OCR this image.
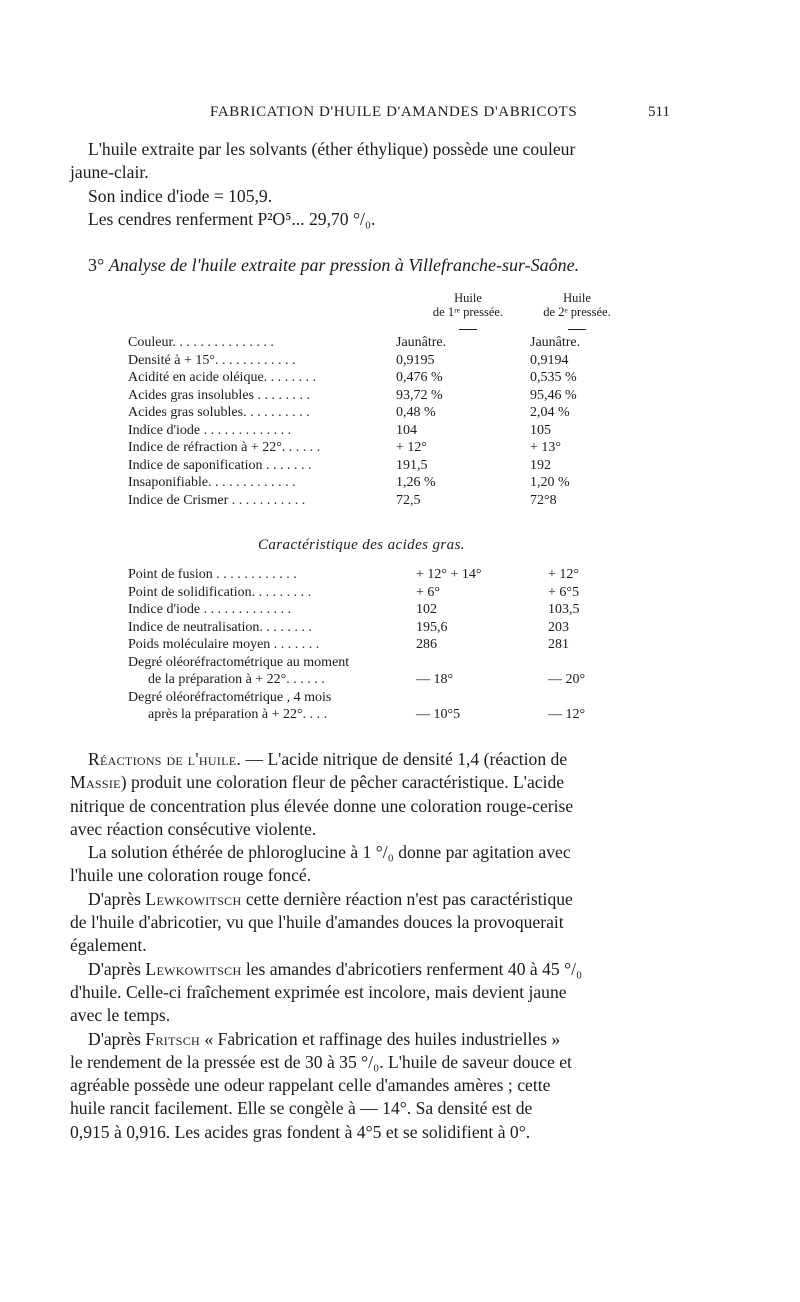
FABRICATION D'HUILE D'AMANDES D'ABRICOTS	511
L'huile extraite par les solvants (éther éthylique) possède une couleur
jaune-clair.
Son indice d'iode = 105,9.
Les cendres renferment P²O⁵... 29,70 °/₀.
3° Analyse de l'huile extraite par pression à Villefranche-sur-Saône.
Huile
de 1ʳᵉ pressée.
Huile
de 2ᵉ pressée.
Couleur. . . . . . . . . . . . . . .	Jaunâtre.	Jaunâtre.
Densité à + 15°. . . . . . . . . . . .	0,9195	0,9194
Acidité en acide oléique. . . . . . . .	0,476 %	0,535 %
Acides gras insolubles . . . . . . . .	93,72 %	95,46 %
Acides gras solubles. . . . . . . . . .	0,48 %	2,04 %
Indice d'iode . . . . . . . . . . . . .	104	105
Indice de réfraction à + 22°. . . . . .	+ 12°	+ 13°
Indice de saponification . . . . . . .	191,5	192
Insaponifiable. . . . . . . . . . . . .	1,26 %	1,20 %
Indice de Crismer . . . . . . . . . . .	72,5	72°8
Caractéristique des acides gras.
Point de fusion . . . . . . . . . . . .	+ 12° + 14°	+ 12°
Point de solidification. . . . . . . . .	+ 6°	+ 6°5
Indice d'iode . . . . . . . . . . . . .	102	103,5
Indice de neutralisation. . . . . . . .	195,6	203
Poids moléculaire moyen . . . . . . .	286	281
Degré oléoréfractométrique au moment
de la préparation à + 22°. . . . . .	— 18°	— 20°
Degré oléoréfractométrique , 4 mois
après la préparation à + 22°. . . .	— 10°5	— 12°
Réactions de l'huile. — L'acide nitrique de densité 1,4 (réaction de
Massie) produit une coloration fleur de pêcher caractéristique. L'acide
nitrique de concentration plus élevée donne une coloration rouge-cerise
avec réaction consécutive violente.
La solution éthérée de phloroglucine à 1 °/₀ donne par agitation avec
l'huile une coloration rouge foncé.
D'après Lewkowitsch cette dernière réaction n'est pas caractéristique
de l'huile d'abricotier, vu que l'huile d'amandes douces la provoquerait
également.
D'après Lewkowitsch les amandes d'abricotiers renferment 40 à 45 °/₀
d'huile. Celle-ci fraîchement exprimée est incolore, mais devient jaune
avec le temps.
D'après Fritsch « Fabrication et raffinage des huiles industrielles »
le rendement de la pressée est de 30 à 35 °/₀. L'huile de saveur douce et
agréable possède une odeur rappelant celle d'amandes amères ; cette
huile rancit facilement. Elle se congèle à — 14°. Sa densité est de
0,915 à 0,916. Les acides gras fondent à 4°5 et se solidifient à 0°.
